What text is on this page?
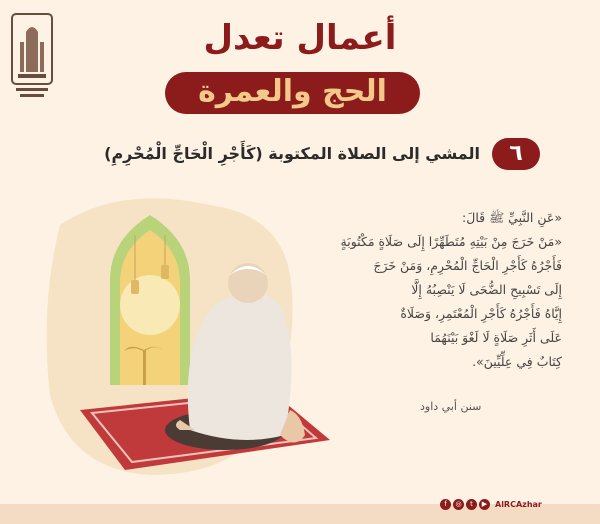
أعمال تعدل
الحج والعمرة
٦
المشي إلى الصلاة المكتوبة (كَأَجْرِ الْحَاجِّ الْمُحْرِمِ)
«عَنِ النَّبِيِّ ﷺ قَالَ:
«مَنْ خَرَجَ مِنْ بَيْتِهِ مُتَطَهِّرًا إِلَى صَلَاةٍ مَكْتُوبَةٍ
فَأَجْرُهُ كَأَجْرِ الْحَاجِّ الْمُحْرِمِ، وَمَنْ خَرَجَ
إِلَى تَسْبِيحِ الضُّحَى لَا يَنْصِبُهُ إِلَّا
إِيَّاهُ فَأَجْرُهُ كَأَجْرِ الْمُعْتَمِرِ، وَصَلَاةٌ
عَلَى أَثَرِ صَلَاةٍ لَا لَغْوَ بَيْنَهُمَا
كِتَابٌ فِي عِلِّيِّينَ».
سنن أبي داود
f	◎	t	▶ AlRCAzhar
